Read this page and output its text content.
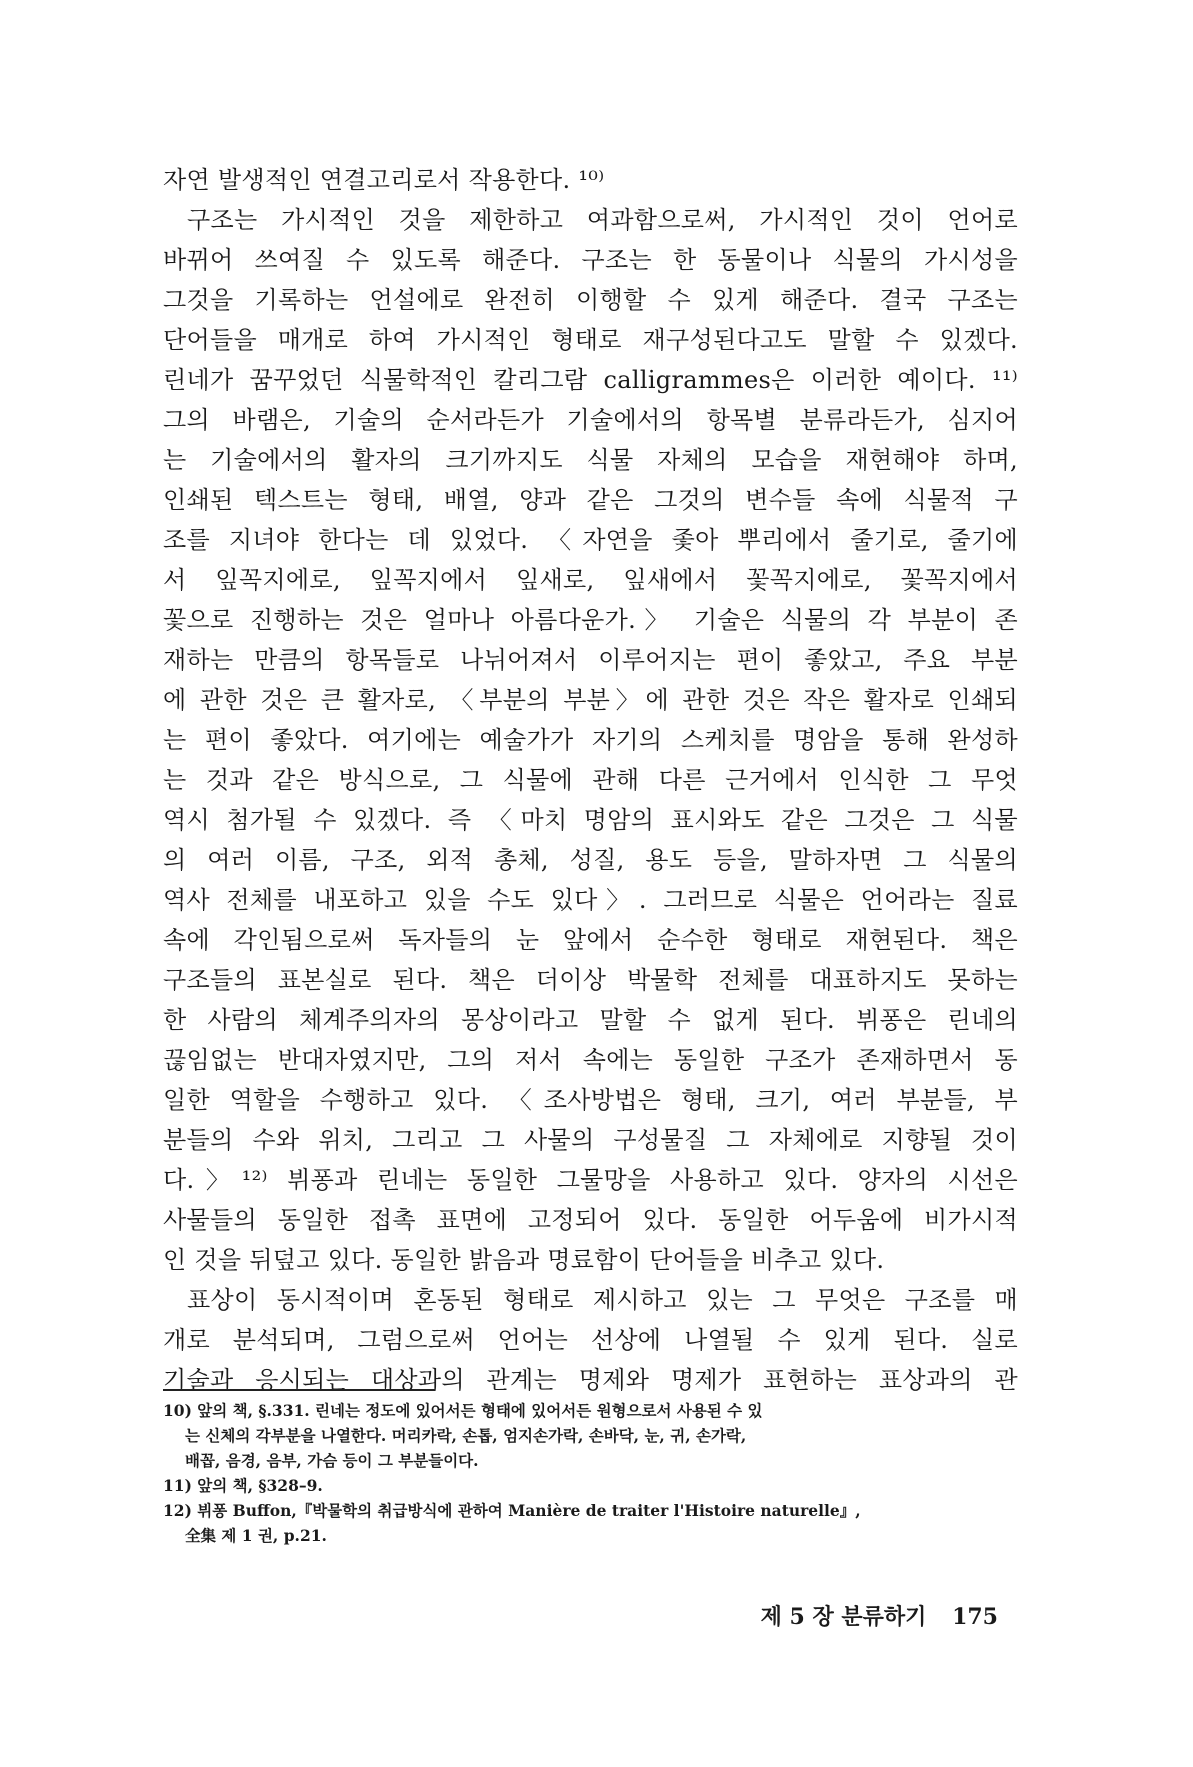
자연 발생적인 연결고리로서 작용한다. ¹⁰⁾
구조는 가시적인 것을 제한하고 여과함으로써, 가시적인 것이 언어로
바뀌어 쓰여질 수 있도록 해준다. 구조는 한 동물이나 식물의 가시성을
그것을 기록하는 언설에로 완전히 이행할 수 있게 해준다. 결국 구조는
단어들을 매개로 하여 가시적인 형태로 재구성된다고도 말할 수 있겠다.
린네가 꿈꾸었던 식물학적인 칼리그람 calligrammes은 이러한 예이다. ¹¹⁾
그의 바램은, 기술의 순서라든가 기술에서의 항목별 분류라든가, 심지어
는 기술에서의 활자의 크기까지도 식물 자체의 모습을 재현해야 하며,
인쇄된 텍스트는 형태, 배열, 양과 같은 그것의 변수들 속에 식물적 구
조를 지녀야 한다는 데 있었다. 〈자연을 좇아 뿌리에서 줄기로, 줄기에
서 잎꼭지에로, 잎꼭지에서 잎새로, 잎새에서 꽃꼭지에로, 꽃꼭지에서
꽃으로 진행하는 것은 얼마나 아름다운가.〉 기술은 식물의 각 부분이 존
재하는 만큼의 항목들로 나뉘어져서 이루어지는 편이 좋았고, 주요 부분
에 관한 것은 큰 활자로, 〈부분의 부분〉에 관한 것은 작은 활자로 인쇄되
는 편이 좋았다. 여기에는 예술가가 자기의 스케치를 명암을 통해 완성하
는 것과 같은 방식으로, 그 식물에 관해 다른 근거에서 인식한 그 무엇
역시 첨가될 수 있겠다. 즉 〈마치 명암의 표시와도 같은 그것은 그 식물
의 여러 이름, 구조, 외적 총체, 성질, 용도 등을, 말하자면 그 식물의
역사 전체를 내포하고 있을 수도 있다〉. 그러므로 식물은 언어라는 질료
속에 각인됨으로써 독자들의 눈 앞에서 순수한 형태로 재현된다. 책은
구조들의 표본실로 된다. 책은 더이상 박물학 전체를 대표하지도 못하는
한 사람의 체계주의자의 몽상이라고 말할 수 없게 된다. 뷔퐁은 린네의
끊임없는 반대자였지만, 그의 저서 속에는 동일한 구조가 존재하면서 동
일한 역할을 수행하고 있다. 〈조사방법은 형태, 크기, 여러 부분들, 부
분들의 수와 위치, 그리고 그 사물의 구성물질 그 자체에로 지향될 것이
다.〉¹²⁾ 뷔퐁과 린네는 동일한 그물망을 사용하고 있다. 양자의 시선은
사물들의 동일한 접촉 표면에 고정되어 있다. 동일한 어두움에 비가시적
인 것을 뒤덮고 있다. 동일한 밝음과 명료함이 단어들을 비추고 있다.
표상이 동시적이며 혼동된 형태로 제시하고 있는 그 무엇은 구조를 매
개로 분석되며, 그럼으로써 언어는 선상에 나열될 수 있게 된다. 실로
기술과 응시되는 대상과의 관계는 명제와 명제가 표현하는 표상과의 관
10) 앞의 책, §.331. 린네는 정도에 있어서든 형태에 있어서든 원형으로서 사용된 수 있
는 신체의 각부분을 나열한다. 머리카락, 손톱, 엄지손가락, 손바닥, 눈, 귀, 손가락,
배꼽, 음경, 음부, 가슴 등이 그 부분들이다.
11) 앞의 책, §328–9.
12) 뷔퐁 Buffon,『박물학의 취급방식에 관하여 Manière de traiter l'Histoire naturelle』,
全集 제 1 권, p.21.
제 5 장 분류하기 175
